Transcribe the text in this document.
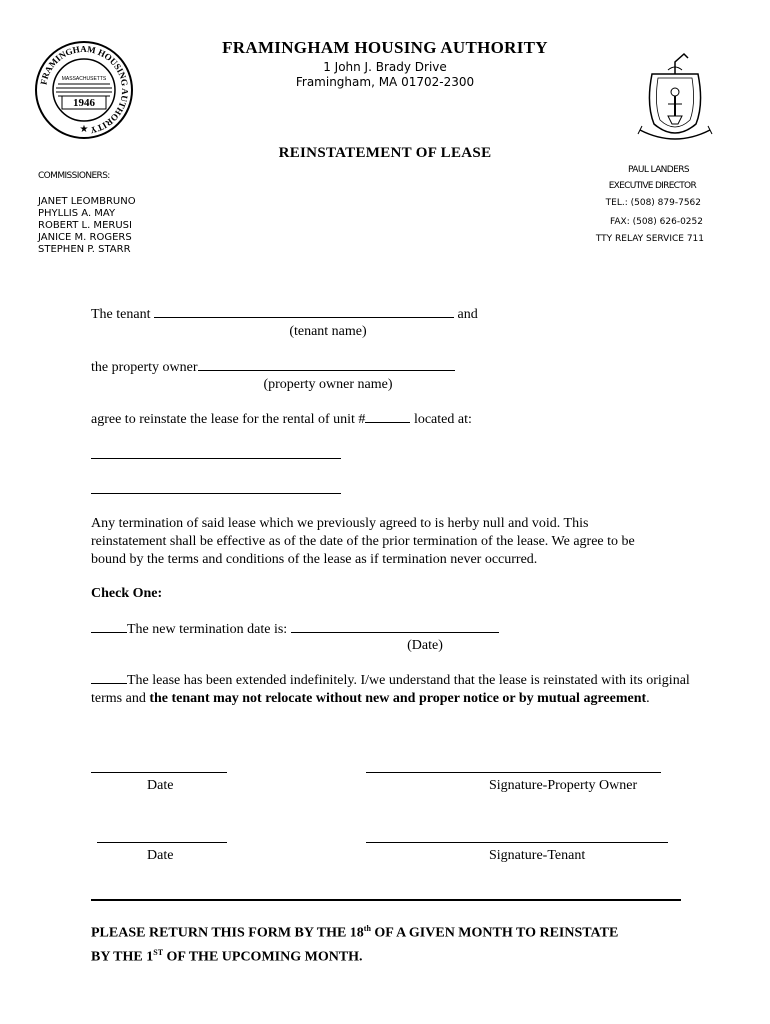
FRAMINGHAM HOUSING AUTHORITY
1946
MASSACHUSETTS
★
FRAMINGHAM HOUSING AUTHORITY
1 John J. Brady Drive
Framingham, MA 01702-2300
REINSTATEMENT OF LEASE
COMMISSIONERS:
JANET LEOMBRUNO
PHYLLIS A. MAY
ROBERT L. MERUSI
JANICE M. ROGERS
STEPHEN P. STARR
PAUL LANDERS
EXECUTIVE DIRECTOR
TEL.: (508) 879-7562
FAX: (508) 626-0252
TTY RELAY SERVICE 711
The tenant	and
(tenant name)
the property owner
(property owner name)
agree to reinstate the lease for the rental of unit #	located at:
Any termination of said lease which we previously agreed to is herby null and void. This reinstatement shall be effective as of the date of the prior termination of the lease. We agree to be bound by the terms and conditions of the lease as if termination never occurred.
Check One:
The new termination date is:
(Date)
The lease has been extended indefinitely. I/we understand that the lease is reinstated with its original terms and the tenant may not relocate without new and proper notice or by mutual agreement.
Date	Signature-Property Owner
Date	Signature-Tenant
PLEASE RETURN THIS FORM BY THE 18th OF A GIVEN MONTH TO REINSTATE
BY THE 1ST OF THE UPCOMING MONTH.
